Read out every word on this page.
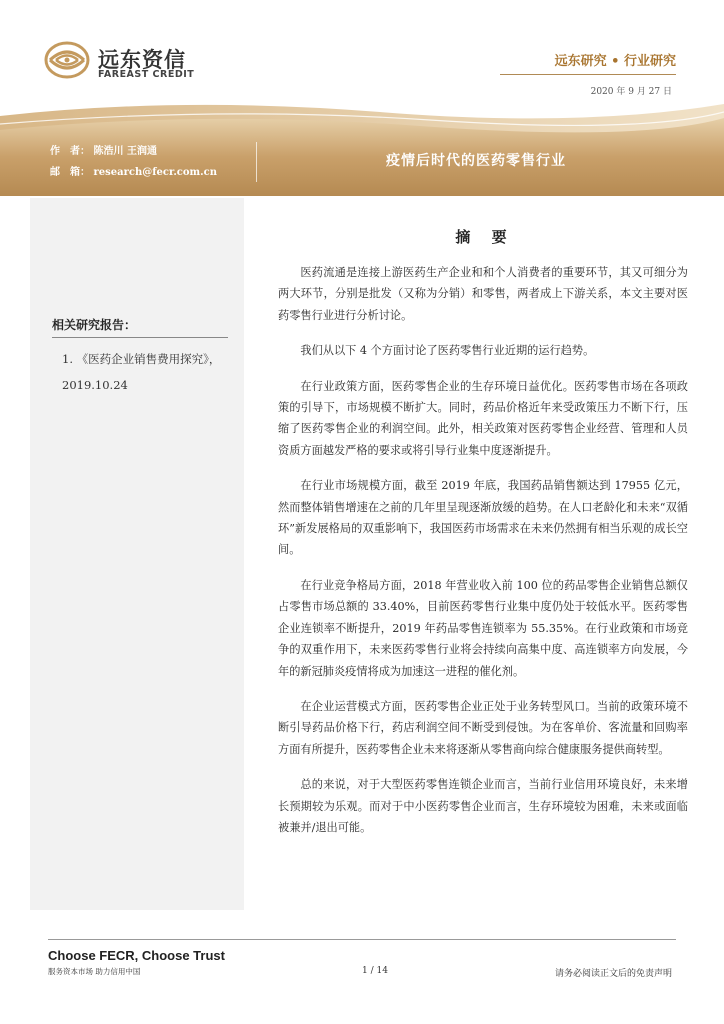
远东资信
FAREAST CREDIT
远东研究 • 行业研究
2020 年 9 月 27 日
作　者： 陈浩川 王润通
邮　箱： research@fecr.com.cn
疫情后时代的医药零售行业
相关研究报告：
1. 《医药企业销售费用探究》，2019.10.24
摘 要

医药流通是连接上游医药生产企业和和个人消费者的重要环节，其又可细分为两大环节，分别是批发（又称为分销）和零售，两者成上下游关系，本文主要对医药零售行业进行分析讨论。

我们从以下 4 个方面讨论了医药零售行业近期的运行趋势。

在行业政策方面，医药零售企业的生存环境日益优化。医药零售市场在各项政策的引导下，市场规模不断扩大。同时，药品价格近年来受政策压力不断下行，压缩了医药零售企业的利润空间。此外，相关政策对医药零售企业经营、管理和人员资质方面越发严格的要求或将引导行业集中度逐渐提升。

在行业市场规模方面，截至 2019 年底，我国药品销售额达到 17955 亿元，然而整体销售增速在之前的几年里呈现逐渐放缓的趋势。在人口老龄化和未来“双循环”新发展格局的双重影响下，我国医药市场需求在未来仍然拥有相当乐观的成长空间。

在行业竞争格局方面，2018 年营业收入前 100 位的药品零售企业销售总额仅占零售市场总额的 33.40%，目前医药零售行业集中度仍处于较低水平。医药零售企业连锁率不断提升，2019 年药品零售连锁率为 55.35%。在行业政策和市场竞争的双重作用下，未来医药零售行业将会持续向高集中度、高连锁率方向发展，今年的新冠肺炎疫情将成为加速这一进程的催化剂。

在企业运营模式方面，医药零售企业正处于业务转型风口。当前的政策环境不断引导药品价格下行，药店利润空间不断受到侵蚀。为在客单价、客流量和回购率方面有所提升，医药零售企业未来将逐渐从零售商向综合健康服务提供商转型。

总的来说，对于大型医药零售连锁企业而言，当前行业信用环境良好，未来增长预期较为乐观。而对于中小医药零售企业而言，生存环境较为困难，未来或面临被兼并/退出可能。

Choose FECR, Choose Trust
服务资本市场 助力信用中国	1 / 14	请务必阅读正文后的免责声明
